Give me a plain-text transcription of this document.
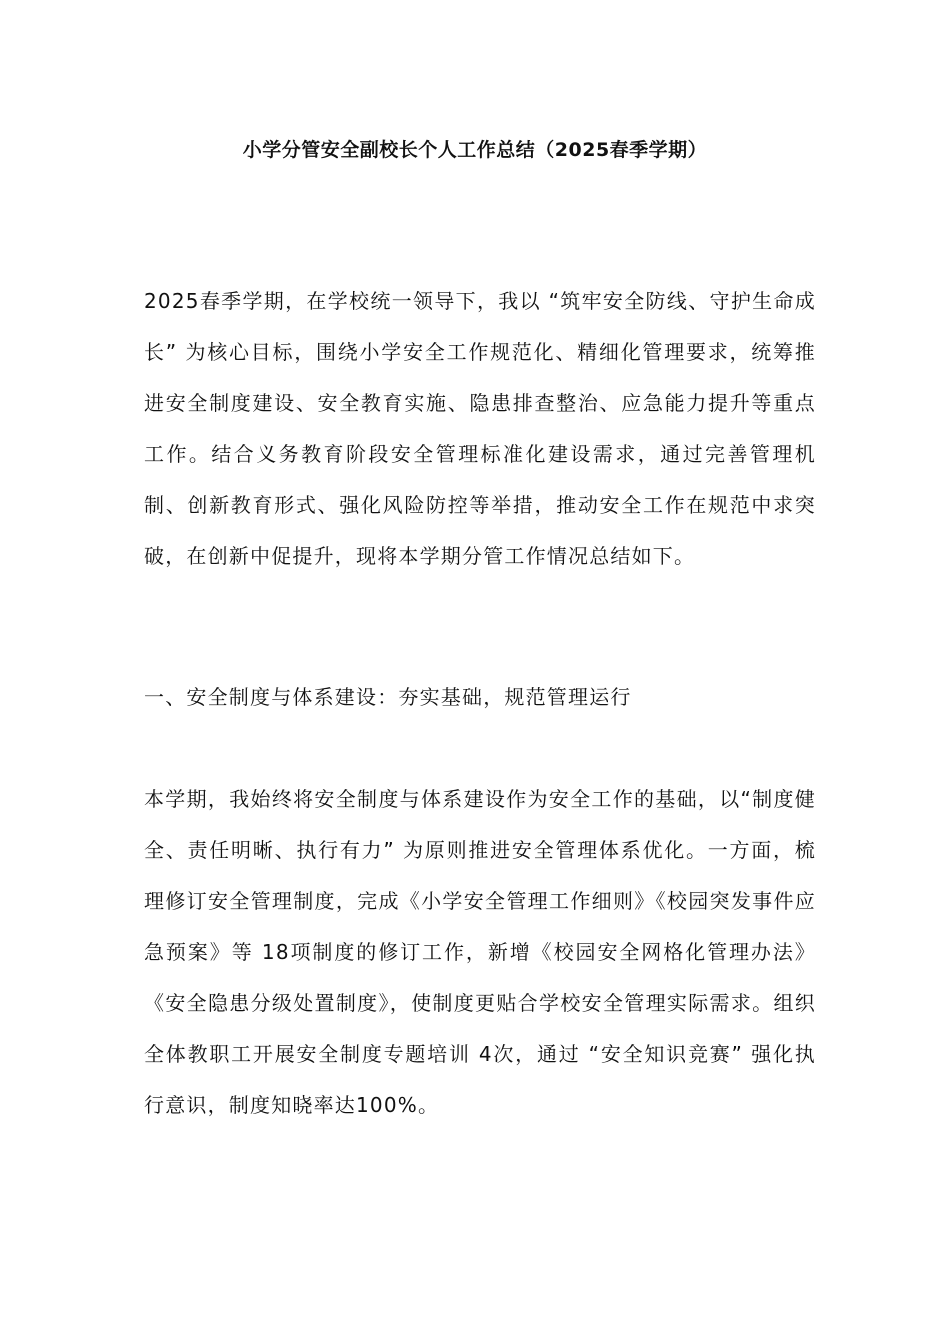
小学分管安全副校长个人工作总结（2025春季学期）

2025春季学期，在学校统一领导下，我以 “筑牢安全防线、守护生命成长” 为核心目标，围绕小学安全工作规范化、精细化管理要求，统筹推进安全制度建设、安全教育实施、隐患排查整治、应急能力提升等重点工作。结合义务教育阶段安全管理标准化建设需求，通过完善管理机制、创新教育形式、强化风险防控等举措，推动安全工作在规范中求突破，在创新中促提升，现将本学期分管工作情况总结如下。

一、安全制度与体系建设：夯实基础，规范管理运行

本学期，我始终将安全制度与体系建设作为安全工作的基础，以“制度健全、责任明晰、执行有力” 为原则推进安全管理体系优化。一方面，梳理修订安全管理制度，完成《小学安全管理工作细则》《校园突发事件应急预案》等 18项制度的修订工作，新增《校园安全网格化管理办法》《安全隐患分级处置制度》，使制度更贴合学校安全管理实际需求。组织全体教职工开展安全制度专题培训 4次，通过 “安全知识竞赛” 强化执行意识，制度知晓率达100%。
